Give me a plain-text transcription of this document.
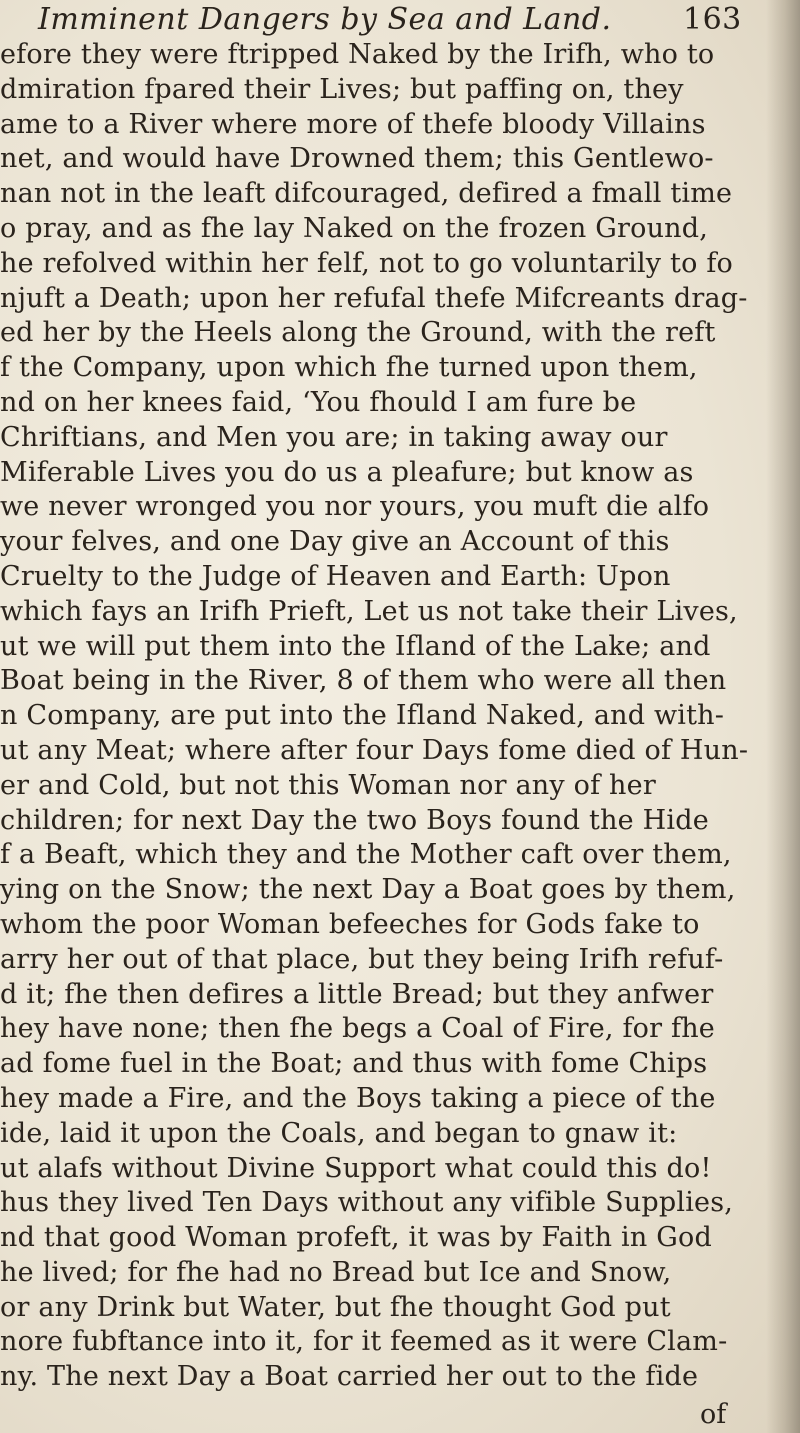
Imminent Dangers by Sea and Land. 163
efore they were ftripped Naked by the Irifh, who to
dmiration fpared their Lives; but paffing on, they
ame to a River where more of thefe bloody Villains
net, and would have Drowned them; this Gentlewo-
nan not in the leaft difcouraged, defired a fmall time
o pray, and as fhe lay Naked on the frozen Ground,
he refolved within her felf, not to go voluntarily to fo
njuft a Death; upon her refufal thefe Mifcreants drag-
ed her by the Heels along the Ground, with the reft
f the Company, upon which fhe turned upon them,
nd on her knees faid, ‘You fhould I am fure be
Chriftians, and Men you are; in taking away our
Miferable Lives you do us a pleafure; but know as
we never wronged you nor yours, you muft die alfo
your felves, and one Day give an Account of this
Cruelty to the Judge of Heaven and Earth: Upon
which fays an Irifh Prieft, Let us not take their Lives,
ut we will put them into the Ifland of the Lake; and
Boat being in the River, 8 of them who were all then
n Company, are put into the Ifland Naked, and with-
ut any Meat; where after four Days fome died of Hun-
er and Cold, but not this Woman nor any of her
children; for next Day the two Boys found the Hide
f a Beaft, which they and the Mother caft over them,
ying on the Snow; the next Day a Boat goes by them,
whom the poor Woman befeeches for Gods fake to
arry her out of that place, but they being Irifh refuf-
d it; fhe then defires a little Bread; but they anfwer
hey have none; then fhe begs a Coal of Fire, for fhe
ad fome fuel in the Boat; and thus with fome Chips
hey made a Fire, and the Boys taking a piece of the
ide, laid it upon the Coals, and began to gnaw it:
ut alafs without Divine Support what could this do!
hus they lived Ten Days without any vifible Supplies,
nd that good Woman profeft, it was by Faith in God
he lived; for fhe had no Bread but Ice and Snow,
or any Drink but Water, but fhe thought God put
nore fubftance into it, for it feemed as it were Clam-
ny. The next Day a Boat carried her out to the fide
of
